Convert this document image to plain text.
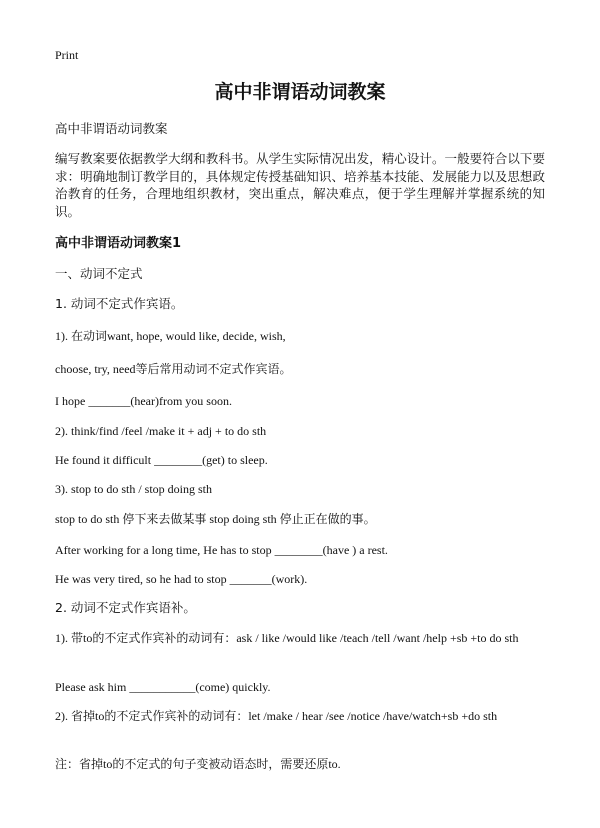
Print
高中非谓语动词教案
高中非谓语动词教案
编写教案要依据教学大纲和教科书。从学生实际情况出发，精心设计。一般要符合以下要求：明确地制订教学目的，具体规定传授基础知识、培养基本技能、发展能力以及思想政治教育的任务，合理地组织教材，突出重点，解决难点，便于学生理解并掌握系统的知识。
高中非谓语动词教案1
一、动词不定式
1. 动词不定式作宾语。
1). 在动词want, hope, would like, decide, wish,
choose, try, need等后常用动词不定式作宾语。
I hope _______(hear)from you soon.
2). think/find /feel /make it + adj + to do sth
He found it difficult ________(get) to sleep.
3). stop to do sth / stop doing sth
stop to do sth 停下来去做某事 stop doing sth 停止正在做的事。
After working for a long time, He has to stop ________(have ) a rest.
He was very tired, so he had to stop _______(work).
2. 动词不定式作宾语补。
1). 带to的不定式作宾补的动词有：ask / like /would like /teach /tell /want /help +sb +to do sth
Please ask him ___________(come) quickly.
2). 省掉to的不定式作宾补的动词有：let /make / hear /see /notice /have/watch+sb +do sth
注：省掉to的不定式的句子变被动语态时，需要还原to.
